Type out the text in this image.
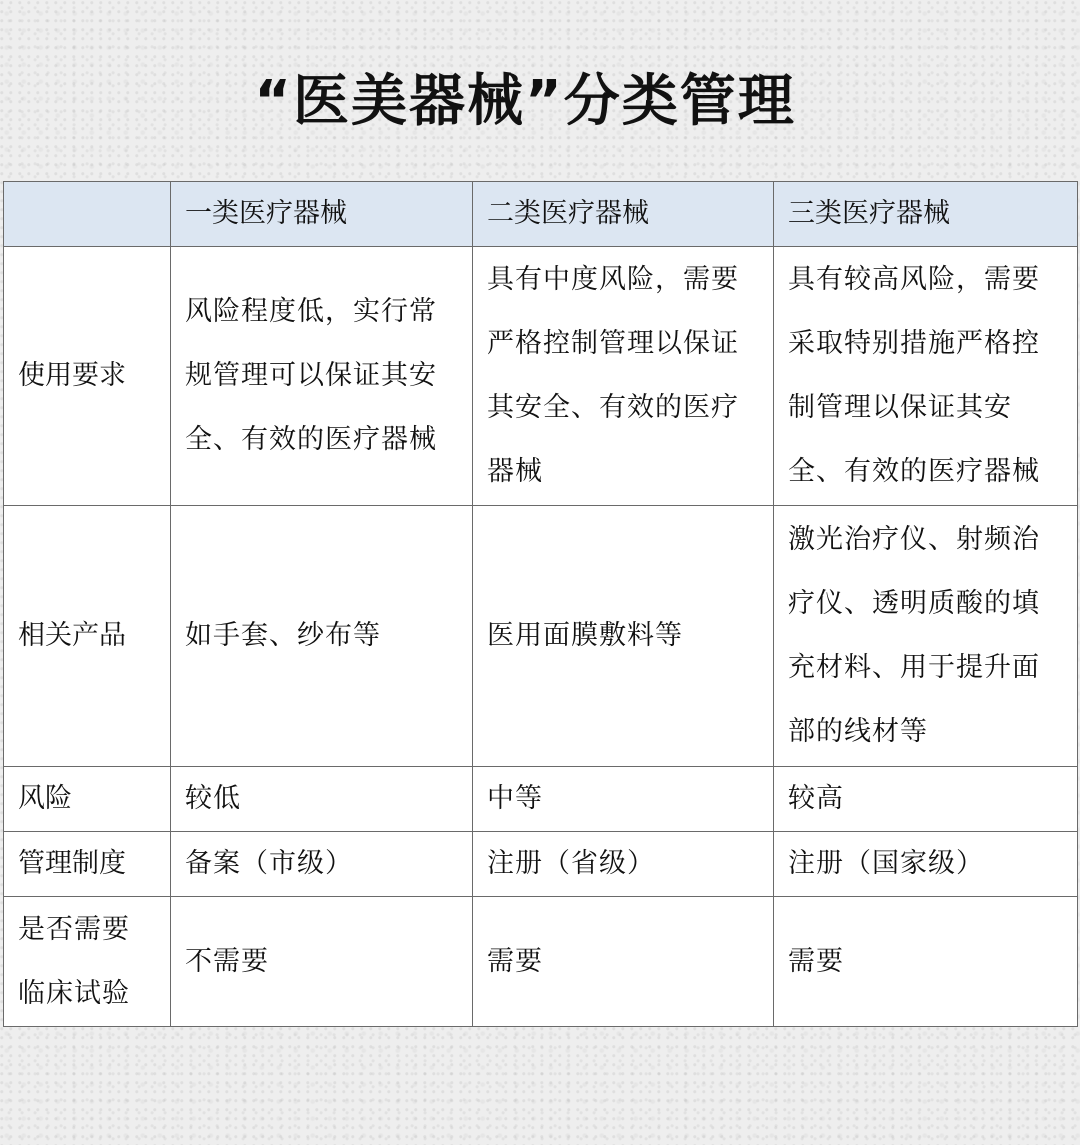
“医美器械”分类管理
	一类医疗器械	二类医疗器械	三类医疗器械
使用要求	风险程度低，实行常规管理可以保证其安全、有效的医疗器械	具有中度风险，需要严格控制管理以保证其安全、有效的医疗器械	具有较高风险，需要采取特别措施严格控制管理以保证其安全、有效的医疗器械

相关产品	如手套、纱布等	医用面膜敷料等	激光治疗仪、射频治疗仪、透明质酸的填充材料、用于提升面部的线材等

风险	较低	中等	较高

管理制度	备案（市级）	注册（省级）	注册（国家级）

是否需要临床试验	不需要	需要	需要
